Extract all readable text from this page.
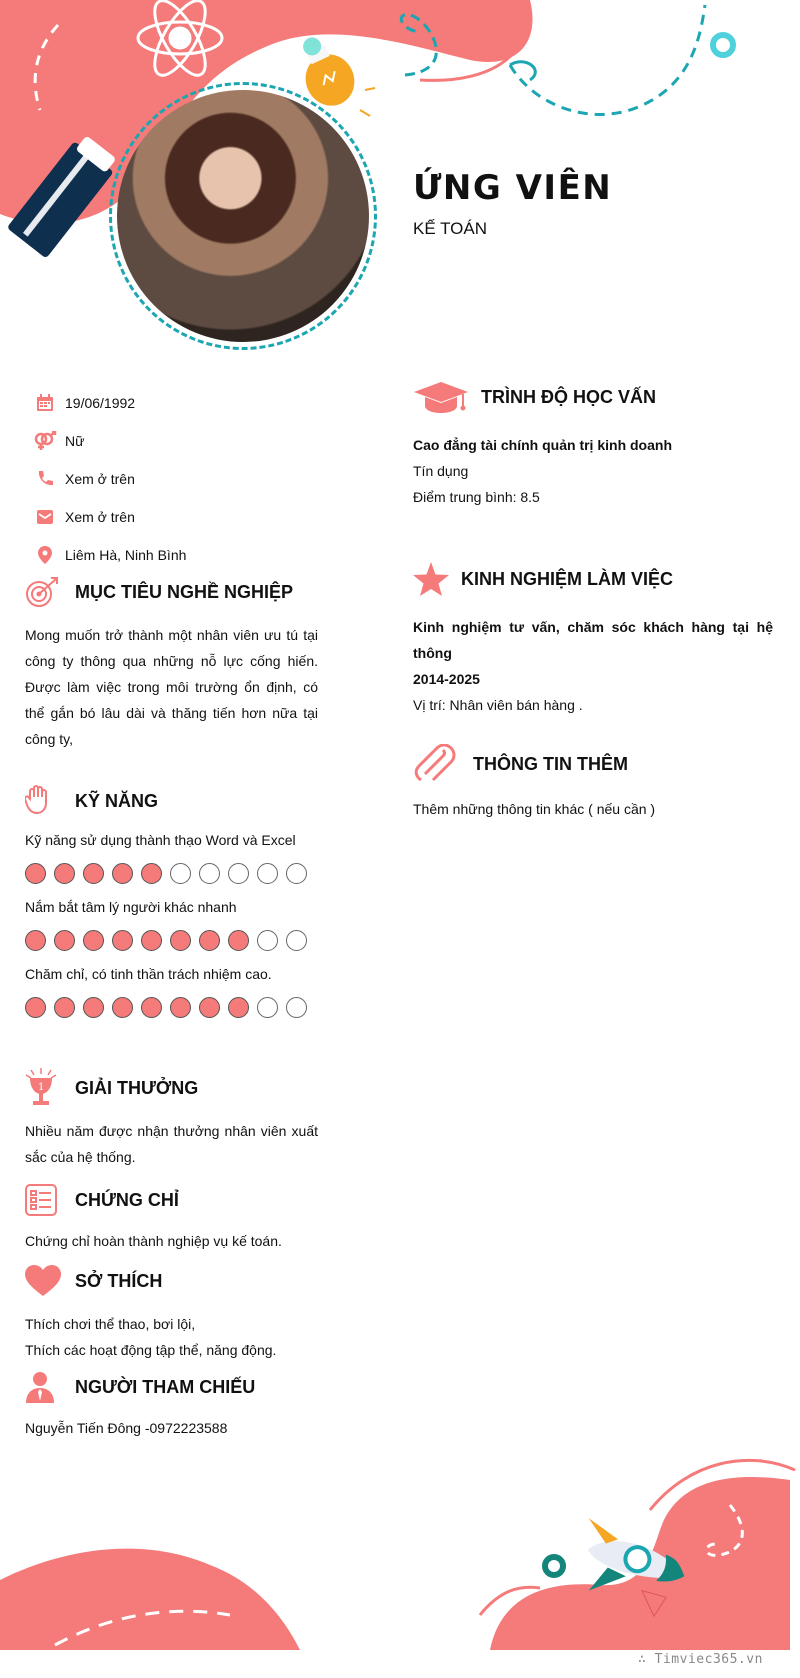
ỨNG VIÊN
KẾ TOÁN
19/06/1992
Nữ
Xem ở trên
Xem ở trên
Liêm Hà, Ninh Bình
MỤC TIÊU NGHỀ NGHIỆP

Mong muốn trở thành một nhân viên ưu tú tại công ty thông qua những nỗ lực cống hiến. Được làm việc trong môi trường ổn định, có thể gắn bó lâu dài và thăng tiến hơn nữa tại công ty,

KỸ NĂNG
Kỹ năng sử dụng thành thạo Word và Excel
Nắm bắt tâm lý người khác nhanh
Chăm chỉ, có tinh thần trách nhiệm cao.
1 GIẢI THƯỞNG

Nhiều năm được nhận thưởng nhân viên xuất sắc của hệ thống.

CHỨNG CHỈ

Chứng chỉ hoàn thành nghiệp vụ kế toán.

SỞ THÍCH

Thích chơi thể thao, bơi lội,

Thích các hoạt động tập thể, năng động.

NGƯỜI THAM CHIẾU

Nguyễn Tiến Đông -0972223588

TRÌNH ĐỘ HỌC VẤN

Cao đẳng tài chính quản trị kinh doanh

Tín dụng

Điểm trung bình: 8.5

KINH NGHIỆM LÀM VIỆC

Kinh nghiệm tư vấn, chăm sóc khách hàng tại hệ thông

2014-2025

Vị trí: Nhân viên bán hàng .

THÔNG TIN THÊM

Thêm những thông tin khác ( nếu cần )

∴ Timviec365.vn
